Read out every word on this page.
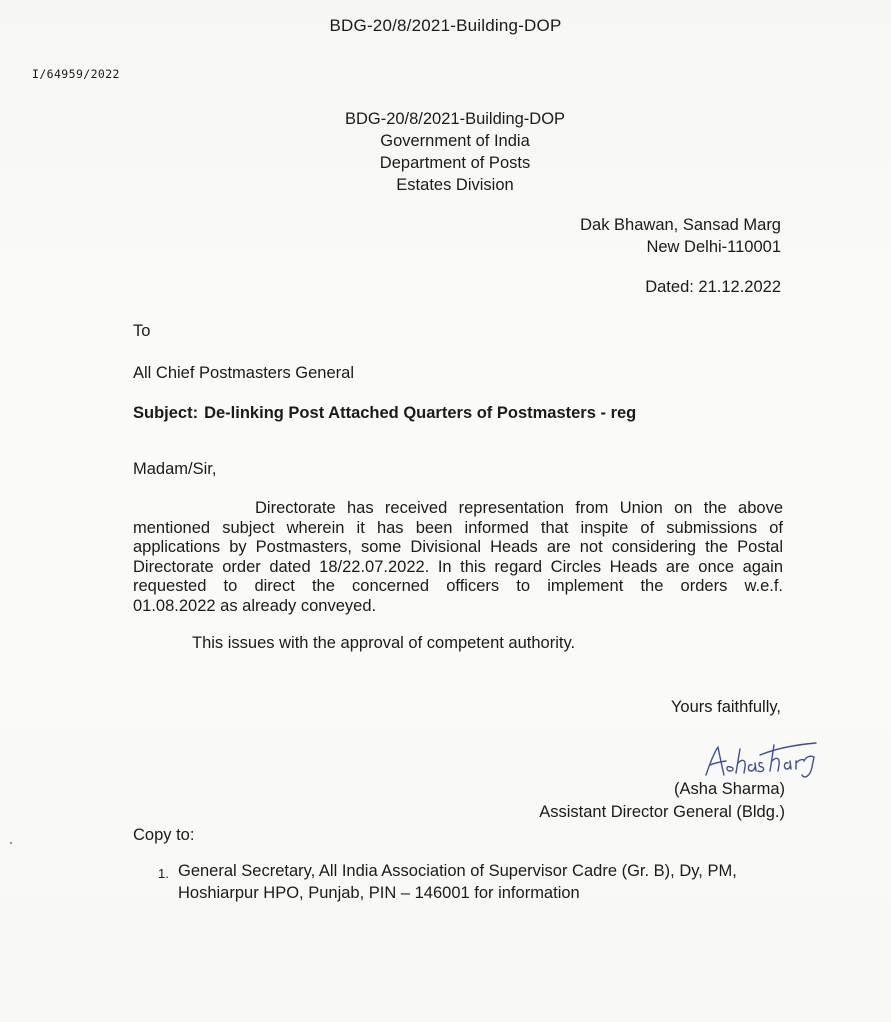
BDG-20/8/2021-Building-DOP
I/64959/2022
BDG-20/8/2021-Building-DOP
Government of India
Department of Posts
Estates Division
Dak Bhawan, Sansad Marg
New Delhi-110001
Dated: 21.12.2022
To
All Chief Postmasters General
Subject: De-linking Post Attached Quarters of Postmasters - reg
Madam/Sir,
Directorate has received representation from Union on the above
mentioned subject wherein it has been informed that inspite of submissions of
applications by Postmasters, some Divisional Heads are not considering the Postal
Directorate order dated 18/22.07.2022. In this regard Circles Heads are once again
requested to direct the concerned officers to implement the orders w.e.f.
01.08.2022 as already conveyed.
This issues with the approval of competent authority.
Yours faithfully,
(Asha Sharma)
Assistant Director General (Bldg.)
Copy to:
1. General Secretary, All India Association of Supervisor Cadre (Gr. B), Dy, PM,
Hoshiarpur HPO, Punjab, PIN – 146001 for information
